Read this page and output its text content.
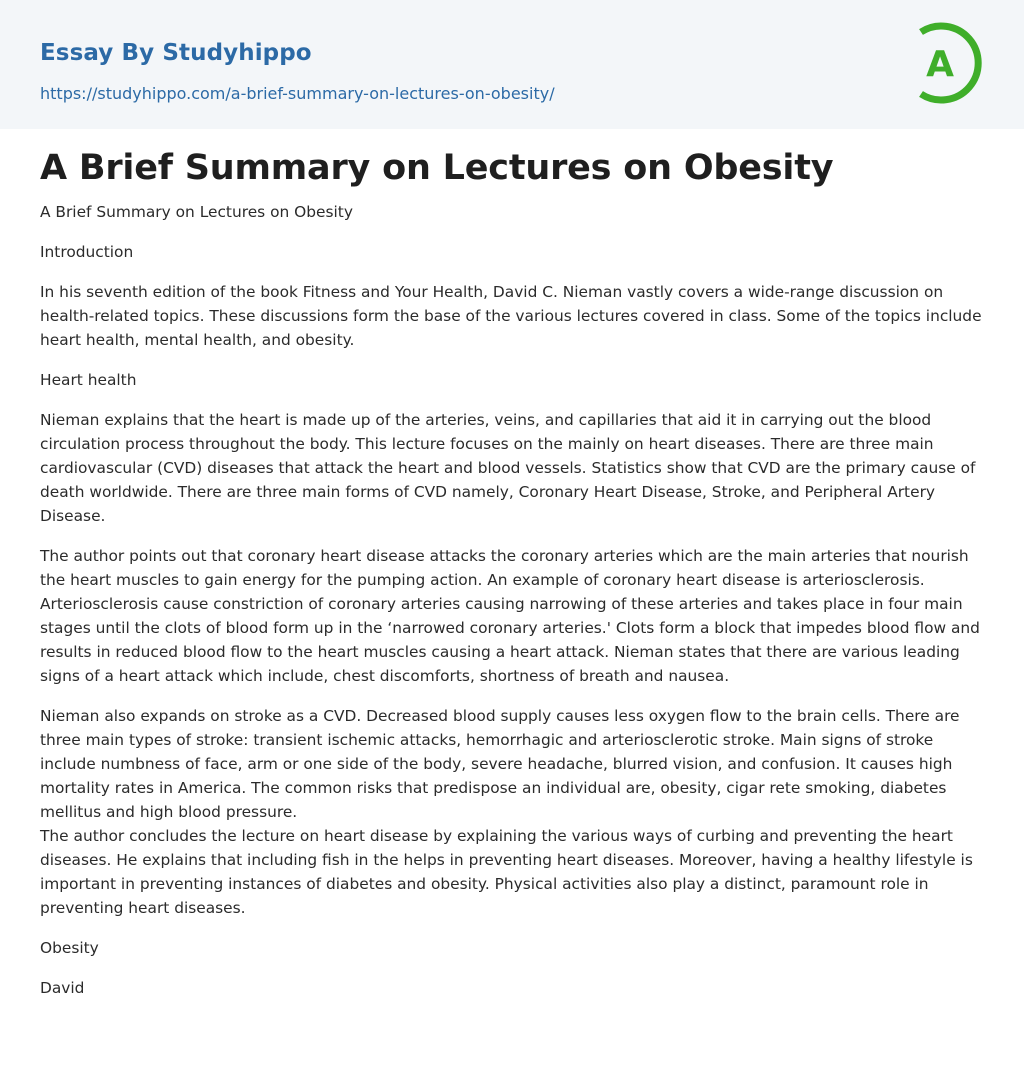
Essay By Studyhippo
https://studyhippo.com/a-brief-summary-on-lectures-on-obesity/
A
A Brief Summary on Lectures on Obesity

A Brief Summary on Lectures on Obesity

Introduction

In his seventh edition of the book Fitness and Your Health, David C. Nieman vastly covers a wide-range discussion on health-related topics. These discussions form the base of the various lectures covered in class. Some of the topics include heart health, mental health, and obesity.

Heart health

Nieman explains that the heart is made up of the arteries, veins, and capillaries that aid it in carrying out the blood circulation process throughout the body. This lecture focuses on the mainly on heart diseases. There are three main cardiovascular (CVD) diseases that attack the heart and blood vessels. Statistics show that CVD are the primary cause of death worldwide. There are three main forms of CVD namely, Coronary Heart Disease, Stroke, and Peripheral Artery Disease.

The author points out that coronary heart disease attacks the coronary arteries which are the main arteries that nourish the heart muscles to gain energy for the pumping action. An example of coronary heart disease is arteriosclerosis. Arteriosclerosis cause constriction of coronary arteries causing narrowing of these arteries and takes place in four main stages until the clots of blood form up in the ‘narrowed coronary arteries.' Clots form a block that impedes blood flow and results in reduced blood flow to the heart muscles causing a heart attack. Nieman states that there are various leading signs of a heart attack which include, chest discomforts, shortness of breath and nausea.

Nieman also expands on stroke as a CVD. Decreased blood supply causes less oxygen flow to the brain cells. There are three main types of stroke: transient ischemic attacks, hemorrhagic and arteriosclerotic stroke. Main signs of stroke include numbness of face, arm or one side of the body, severe headache, blurred vision, and confusion. It causes high mortality rates in America. The common risks that predispose an individual are, obesity, cigar rete smoking, diabetes mellitus and high blood pressure.

The author concludes the lecture on heart disease by explaining the various ways of curbing and preventing the heart diseases. He explains that including fish in the helps in preventing heart diseases. Moreover, having a healthy lifestyle is important in preventing instances of diabetes and obesity. Physical activities also play a distinct, paramount role in preventing heart diseases.

Obesity

David
